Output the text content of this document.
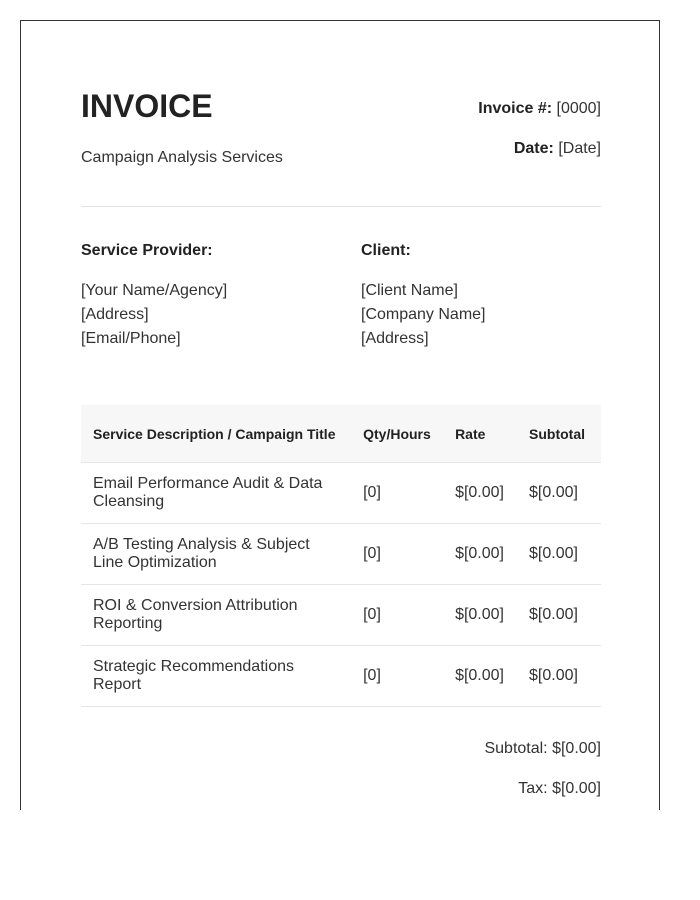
INVOICE
Campaign Analysis Services
Invoice #: [0000]
Date: [Date]
Service Provider:
[Your Name/Agency]
[Address]
[Email/Phone]
Client:
[Client Name]
[Company Name]
[Address]
Service Description / Campaign Title	Qty/Hours	Rate	Subtotal
Email Performance Audit & Data Cleansing	[0]	$[0.00]	$[0.00]
A/B Testing Analysis & Subject Line Optimization	[0]	$[0.00]	$[0.00]
ROI & Conversion Attribution Reporting	[0]	$[0.00]	$[0.00]
Strategic Recommendations Report	[0]	$[0.00]	$[0.00]
Subtotal: $[0.00]
Tax: $[0.00]
